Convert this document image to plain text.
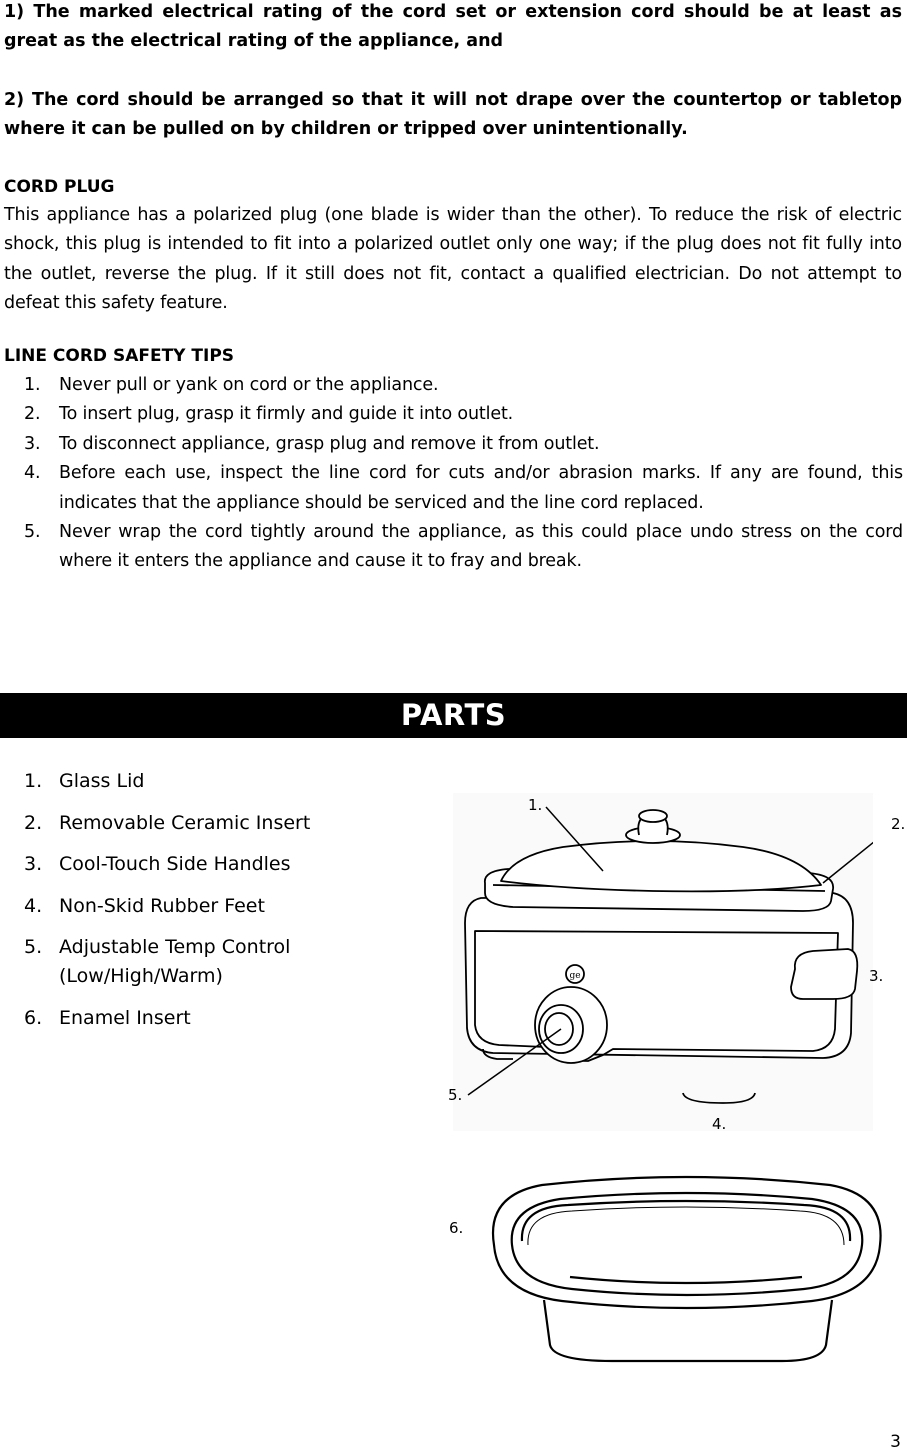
1) The marked electrical rating of the cord set or extension cord should be at least as great as the electrical rating of the appliance, and
2) The cord should be arranged so that it will not drape over the countertop or tabletop where it can be pulled on by children or tripped over unintentionally.
CORD PLUG
This appliance has a polarized plug (one blade is wider than the other). To reduce the risk of electric shock, this plug is intended to fit into a polarized outlet only one way; if the plug does not fit fully into the outlet, reverse the plug. If it still does not fit, contact a qualified electrician. Do not attempt to defeat this safety feature.
LINE CORD SAFETY TIPS
1. Never pull or yank on cord or the appliance.
2. To insert plug, grasp it firmly and guide it into outlet.
3. To disconnect appliance, grasp plug and remove it from outlet.
4. Before each use, inspect the line cord for cuts and/or abrasion marks. If any are found, this indicates that the appliance should be serviced and the line cord replaced.
5. Never wrap the cord tightly around the appliance, as this could place undo stress on the cord where it enters the appliance and cause it to fray and break.
PARTS
1. Glass Lid
2. Removable Ceramic Insert
3. Cool-Touch Side Handles
4. Non-Skid Rubber Feet
5. Adjustable Temp Control
(Low/High/Warm)
6. Enamel Insert
ge
1.
2.
3.
4.
5.
6.
3
